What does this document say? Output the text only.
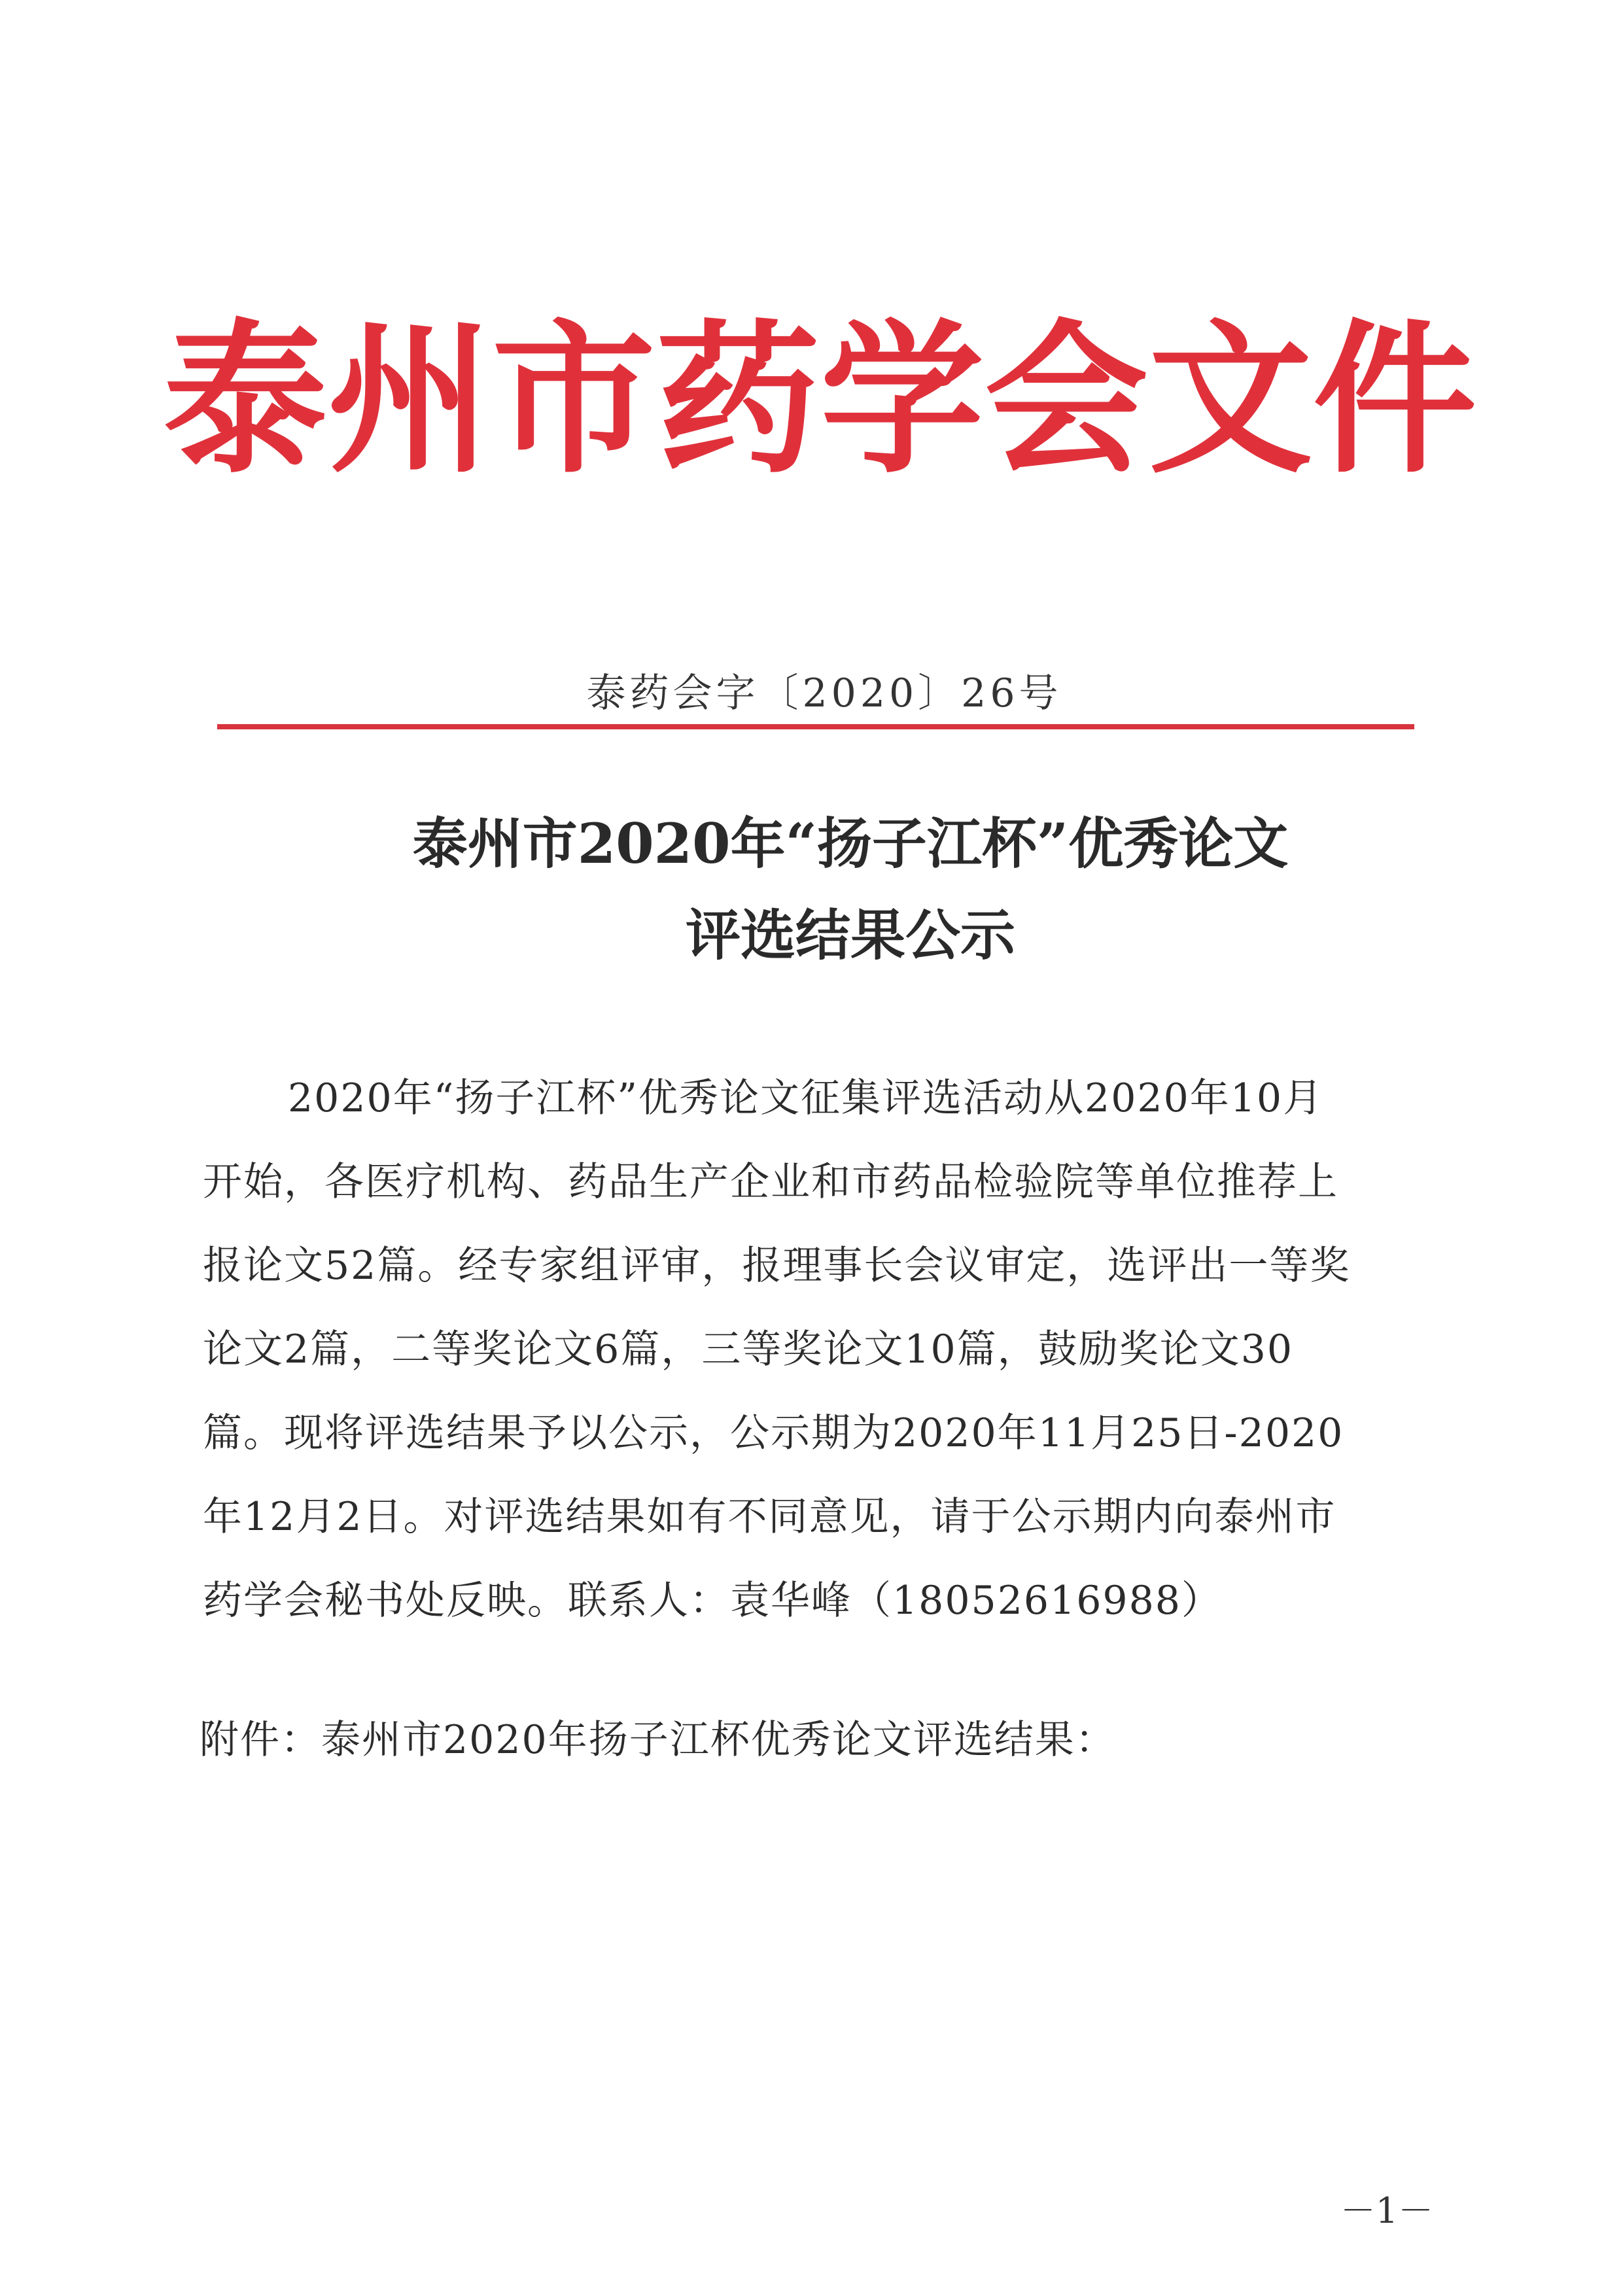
泰州市药学会文件
泰药会字〔2020〕26号
泰州市2020年“扬子江杯”优秀论文
评选结果公示
2020年“扬子江杯”优秀论文征集评选活动从2020年10月
开始，各医疗机构、药品生产企业和市药品检验院等单位推荐上
报论文52篇。经专家组评审，报理事长会议审定，选评出一等奖
论文2篇，二等奖论文6篇，三等奖论文10篇，鼓励奖论文30
篇。现将评选结果予以公示，公示期为2020年11月25日-2020
年12月2日。对评选结果如有不同意见，请于公示期内向泰州市
药学会秘书处反映。联系人：袁华峰（18052616988）
附件：泰州市2020年扬子江杯优秀论文评选结果：
－1－
